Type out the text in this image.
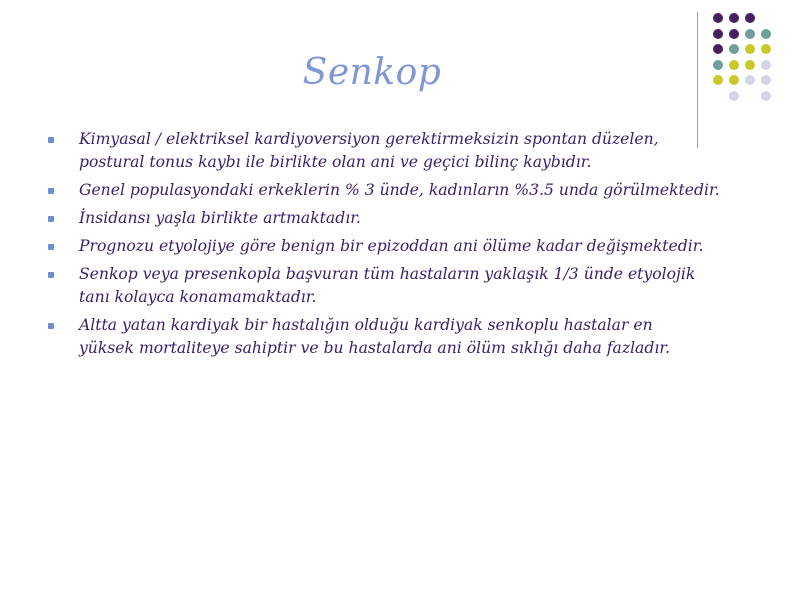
Senkop
Kimyasal / elektriksel kardiyoversiyon gerektirmeksizin spontan düzelen,
postural tonus kaybı ile birlikte olan ani ve geçici bilinç kaybıdır.
Genel populasyondaki erkeklerin % 3 ünde, kadınların %3.5 unda görülmektedir.
İnsidansı yaşla birlikte artmaktadır.
Prognozu etyolojiye göre benign bir epizoddan ani ölüme kadar değişmektedir.
Senkop veya presenkopla başvuran tüm hastaların yaklaşık 1/3 ünde etyolojik
tanı kolayca konamamaktadır.
Altta yatan kardiyak bir hastalığın olduğu kardiyak senkoplu hastalar en
yüksek mortaliteye sahiptir ve bu hastalarda ani ölüm sıklığı daha fazladır.
